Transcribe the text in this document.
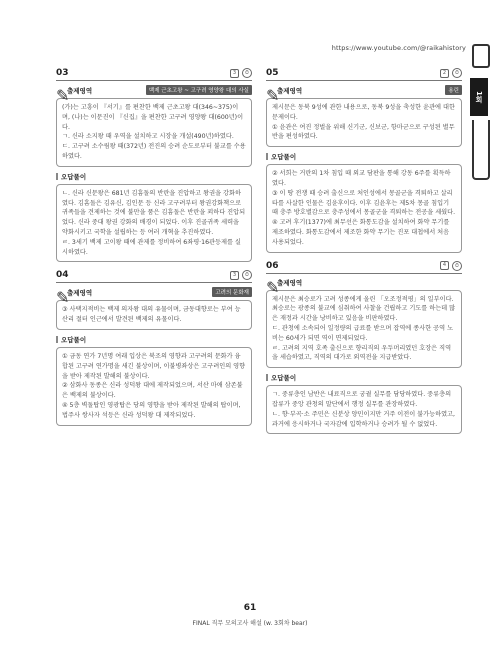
https://www.youtube.com/@raikahistory
1회
03	3	⏱
✎
출제영역	백제 근초고왕 ~ 고구려 영양왕 대의 사실

(가)는 고흥이 『서기』를 편찬한 백제 근초고왕 대(346~375)이며, (나)는 이문진이 『신집』을 편찬한 고구려 영양왕 대(600년)이다.

ㄱ. 신라 소지왕 때 우역을 설치하고 시장을 개설(490년)하였다.

ㄷ. 고구려 소수림왕 때(372년) 전진의 승려 순도로부터 불교를 수용하였다.

오답풀이

ㄴ. 신라 신문왕은 681년 김흠돌의 반란을 진압하고 왕권을 강화하였다. 김흠돌은 김유신, 김인문 등 신라 고구려부터 왕권강화책으로 귀족들을 견제하는 것에 불만을 품은 김흠돌은 반란을 꾀하다 진압되었다. 신라 중대 왕권 강화의 배경이 되었다. 이후 진골귀족 세력을 약화시키고 국학을 설립하는 등 여러 개혁을 추진하였다.

ㄹ. 3세기 백제 고이왕 때에 관제를 정비하여 6좌평·16관등제를 실시하였다.

04	3	⏱
✎
출제영역	고려의 문화재

③ 사택지적비는 백제 의자왕 대의 유물이며, 금동대향로는 부여 능산리 절터 인근에서 발견된 백제의 유물이다.

오답풀이

① 금동 연가 7년명 여래 입상은 북조의 영향과 고구려의 문화가 융합된 고구려 연가명을 새긴 불상이며, 이불병좌상은 고구려인의 영향을 받아 제작된 발해의 불상이다.

② 삼화사 동종은 신라 성덕왕 대에 제작되었으며, 서산 마애 삼존불은 백제의 불상이다.

④ 5층 벽돌탑인 영광탑은 당의 영향을 받아 제작된 발해의 탑이며, 법주사 쌍사자 석등은 신라 성덕왕 대 제작되었다.

05	2	⏱
✎
출제영역	용린

제시문은 동북 9성에 관한 내용으로, 동북 9성을 축성한 윤관에 대한 문제이다.

① 윤관은 여진 정벌을 위해 신기군, 신보군, 항마군으로 구성된 별무반을 편성하였다.

오답풀이

② 서희는 거란의 1차 침입 때 외교 담판을 통해 강동 6주를 획득하였다.

③ 이 땅 전쟁 때 승려 출신으로 처인성에서 몽골군을 격퇴하고 살리타를 사살한 인물은 김윤후이다. 이후 김윤후는 제5차 몽골 침입기 때 충주 방호별감으로 충주성에서 몽골군을 격퇴하는 전공을 세웠다.

④ 고려 후기(1377)에 최무선은 화통도감을 설치하여 화약 무기를 제조하였다. 화통도감에서 제조한 화약 무기는 진포 대첩에서 처음 사용되었다.

06	4	⏱
✎
출제영역

제시문은 최승로가 고려 성종에게 올린 「오조정적평」의 일부이다. 최승로는 광종의 불교에 심취하여 사찰을 건립하고 기도를 하는데 많은 재정과 시간을 낭비하고 있음을 비판하였다.

ㄷ. 관청에 소속되어 일정량의 급료를 받으며 잡역에 종사한 공역 노비는 60세가 되면 역이 면제되었다.

ㄹ. 고려의 지역 호족 출신으로 향리직의 우두머리였던 호장은 직역을 세습하였고, 직역의 대가로 외역전을 지급받았다.

오답풀이

ㄱ. 중류층인 남반은 내료직으로 궁궐 실무를 담당하였다. 중류층의 잡류가 중앙 관청의 말단에서 행정 실무를 관장하였다.

ㄴ. 향·부곡·소 주민은 신분상 양민이지만 거주 이전이 불가능하였고, 과거에 응시하거나 국자감에 입학하거나 승려가 될 수 없었다.

61
FINAL 직무 모의고사 해설 (w. 3회차 bear)
